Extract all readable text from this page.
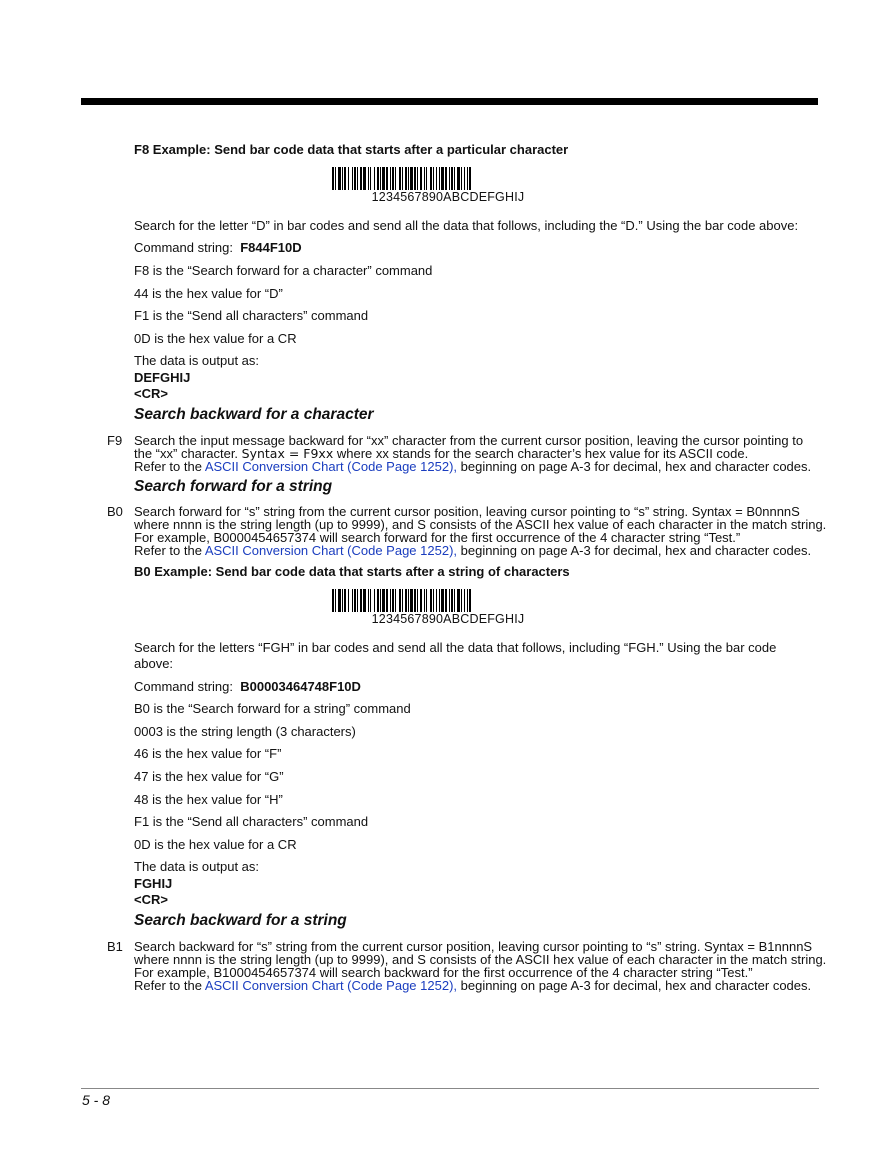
F8 Example: Send bar code data that starts after a particular character

1234567890ABCDEFGHIJ

Search for the letter “D” in bar codes and send all the data that follows, including the “D.” Using the bar code above:

Command string: F844F10D

F8 is the “Search forward for a character” command

44 is the hex value for “D”

F1 is the “Send all characters” command

0D is the hex value for a CR

The data is output as:

DEFGHIJ

<CR>

Search backward for a character

F9 Search the input message backward for “xx” character from the current cursor position, leaving the cursor pointing to

the “xx” character. Syntax = F9xx where xx stands for the search character’s hex value for its ASCII code.

Refer to the ASCII Conversion Chart (Code Page 1252), beginning on page A-3 for decimal, hex and character codes.

Search forward for a string

B0 Search forward for “s” string from the current cursor position, leaving cursor pointing to “s” string. Syntax = B0nnnnS

where nnnn is the string length (up to 9999), and S consists of the ASCII hex value of each character in the match string.

For example, B0000454657374 will search forward for the first occurrence of the 4 character string “Test.”

Refer to the ASCII Conversion Chart (Code Page 1252), beginning on page A-3 for decimal, hex and character codes.

B0 Example: Send bar code data that starts after a string of characters

1234567890ABCDEFGHIJ

Search for the letters “FGH” in bar codes and send all the data that follows, including “FGH.” Using the bar code

above:

Command string: B00003464748F10D

B0 is the “Search forward for a string” command

0003 is the string length (3 characters)

46 is the hex value for “F”

47 is the hex value for “G”

48 is the hex value for “H”

F1 is the “Send all characters” command

0D is the hex value for a CR

The data is output as:

FGHIJ

<CR>

Search backward for a string

B1 Search backward for “s” string from the current cursor position, leaving cursor pointing to “s” string. Syntax = B1nnnnS

where nnnn is the string length (up to 9999), and S consists of the ASCII hex value of each character in the match string.

For example, B1000454657374 will search backward for the first occurrence of the 4 character string “Test.”

Refer to the ASCII Conversion Chart (Code Page 1252), beginning on page A-3 for decimal, hex and character codes.

5 - 8
